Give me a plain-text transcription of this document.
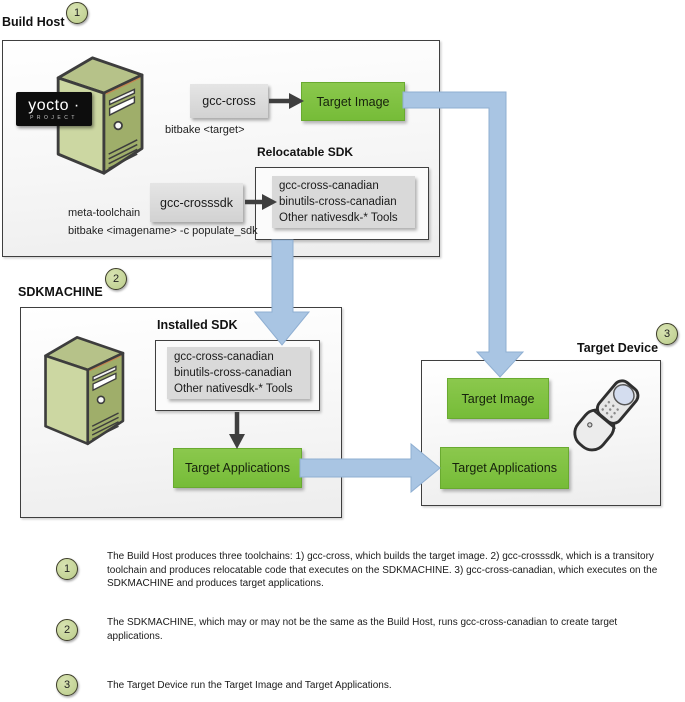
1
Build Host
yocto ·
PROJECT
gcc-cross	Target Image
bitbake <target>
Relocatable SDK
gcc-cross-canadian
binutils-cross-canadian
Other nativesdk-* Tools
gcc-crosssdk
meta-toolchain
bitbake <imagename> -c populate_sdk
2
SDKMACHINE
Installed SDK
gcc-cross-canadian
binutils-cross-canadian
Other nativesdk-* Tools
Target Applications
3
Target Device
Target Image
Target Applications
1
The Build Host produces three toolchains: 1) gcc-cross, which builds the target image. 2) gcc-crosssdk, which is a transitory toolchain and produces relocatable code that executes on the SDKMACHINE. 3) gcc-cross-canadian, which executes on the SDKMACHINE and produces target applications.
2
The SDKMACHINE, which may or may not be the same as the Build Host, runs gcc-cross-canadian to create target applications.
3	The Target Device run the Target Image and Target Applications.
